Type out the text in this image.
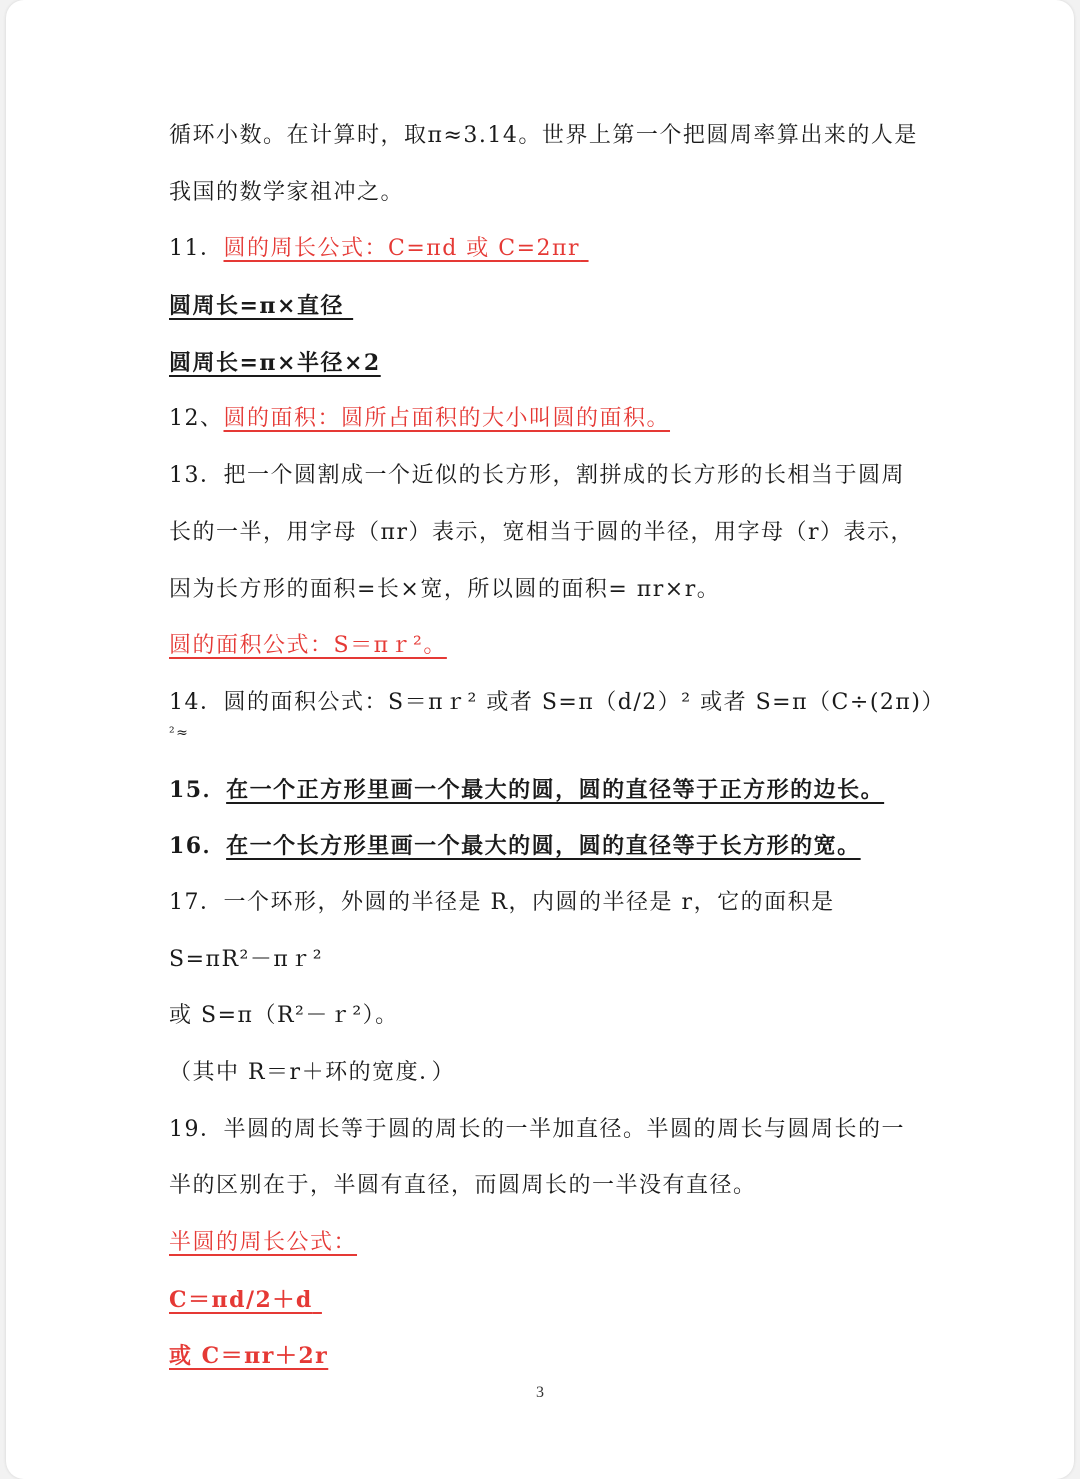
循环小数。在计算时，取π≈3.14。世界上第一个把圆周率算出来的人是
我国的数学家祖冲之。
11．圆的周长公式：C=πd 或 C=2πr
圆周长=π×直径
圆周长=π×半径×2
12、圆的面积：圆所占面积的大小叫圆的面积。
13．把一个圆割成一个近似的长方形，割拼成的长方形的长相当于圆周
长的一半，用字母（πr）表示，宽相当于圆的半径，用字母（r）表示，
因为长方形的面积=长×宽，所以圆的面积= πr×r。
圆的面积公式：S＝πｒ²。
14．圆的面积公式：S＝πｒ² 或者 S=π（d/2）² 或者 S=π（C÷(2π)）
²≈
15．在一个正方形里画一个最大的圆，圆的直径等于正方形的边长。
16．在一个长方形里画一个最大的圆，圆的直径等于长方形的宽。
17．一个环形，外圆的半径是 R，内圆的半径是 r，它的面积是
S=πR²－πｒ²
或 S=π（R²－ｒ²）。
（其中 R＝r＋环的宽度．）
19．半圆的周长等于圆的周长的一半加直径。半圆的周长与圆周长的一
半的区别在于，半圆有直径，而圆周长的一半没有直径。
半圆的周长公式：
C＝πd/2＋d
或 C＝πr＋2r
3
